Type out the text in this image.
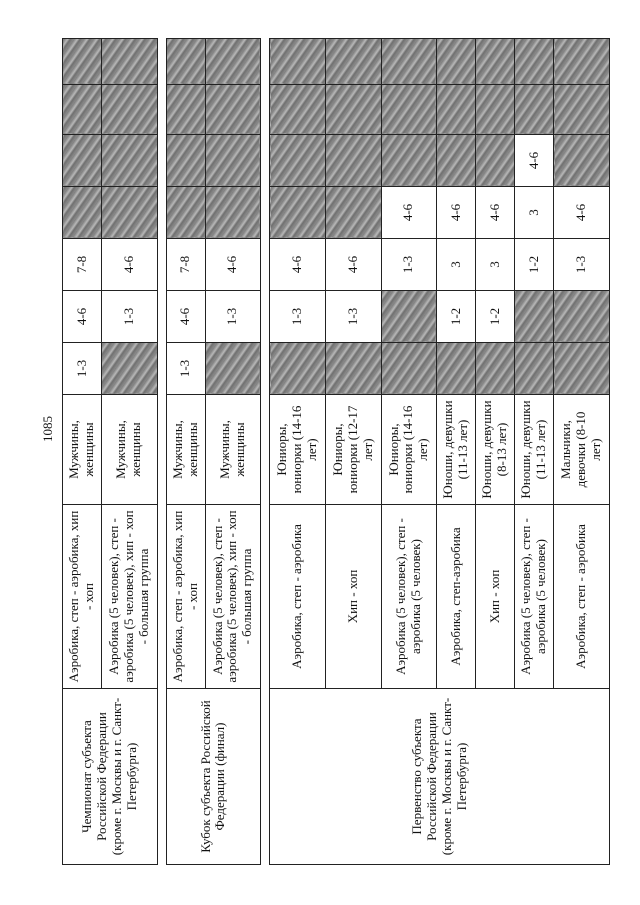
1085
Чемпионат субъекта Российской Федерации (кроме г. Москвы и г. Санкт-Петербурга)	Аэробика, степ - аэробика, хип - хоп	Мужчины, женщины	1-3	4-6	7-8				
	Аэробика (5 человек), степ - аэробика (5 человек), хип - хоп - большая группа	Мужчины, женщины		1-3	4-6				

Кубок субъекта Российской Федерации (финал)	Аэробика, степ - аэробика, хип - хоп	Мужчины, женщины	1-3	4-6	7-8				
	Аэробика (5 человек), степ - аэробика (5 человек), хип - хоп - большая группа	Мужчины, женщины		1-3	4-6				

Первенство субъекта Российской Федерации (кроме г. Москвы и г. Санкт-Петербурга)	Аэробика, степ - аэробика	Юниоры, юниорки (14-16 лет)		1-3	4-6				
	Хип - хоп	Юниоры, юниорки (12-17 лет)		1-3	4-6				
	Аэробика (5 человек), степ - аэробика (5 человек)	Юниоры, юниорки (14-16 лет)			1-3	4-6			
	Аэробика, степ-аэробика	Юноши, девушки (11-13 лет)		1-2	3	4-6			
	Хип - хоп	Юноши, девушки (8-13 лет)		1-2	3	4-6			
	Аэробика (5 человек), степ - аэробика (5 человек)	Юноши, девушки (11-13 лет)			1-2	3	4-6		
	Аэробика, степ - аэробика	Мальчики, девочки (8-10 лет)			1-3	4-6			
